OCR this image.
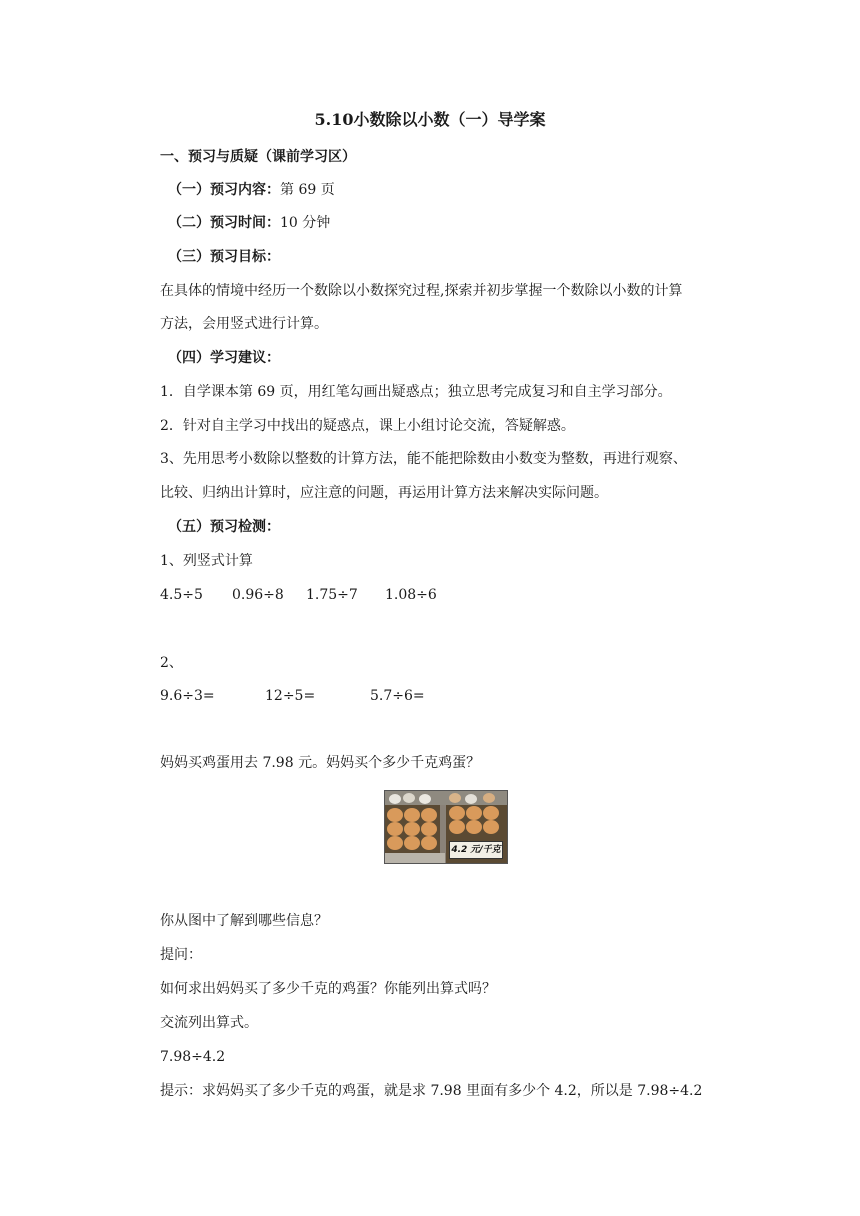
5.10小数除以小数（一）导学案
一、预习与质疑（课前学习区）
（一）预习内容：第 69 页
（二）预习时间：10 分钟
（三）预习目标：
在具体的情境中经历一个数除以小数探究过程,探索并初步掌握一个数除以小数的计算
方法，会用竖式进行计算。
（四）学习建议：
1．自学课本第 69 页，用红笔勾画出疑惑点；独立思考完成复习和自主学习部分。
2．针对自主学习中找出的疑惑点，课上小组讨论交流，答疑解惑。
3、先用思考小数除以整数的计算方法，能不能把除数由小数变为整数，再进行观察、
比较、归纳出计算时，应注意的问题，再运用计算方法来解决实际问题。
（五）预习检测：
1、列竖式计算
4.5÷5 0.96÷8 1.75÷7 1.08÷6
2、
9.6÷3=	12÷5=	5.7÷6=
妈妈买鸡蛋用去 7.98 元。妈妈买个多少千克鸡蛋？
4.2 元/千克
你从图中了解到哪些信息？
提问：
如何求出妈妈买了多少千克的鸡蛋？你能列出算式吗？
交流列出算式。
7.98÷4.2
提示：求妈妈买了多少千克的鸡蛋，就是求 7.98 里面有多少个 4.2，所以是 7.98÷4.2
